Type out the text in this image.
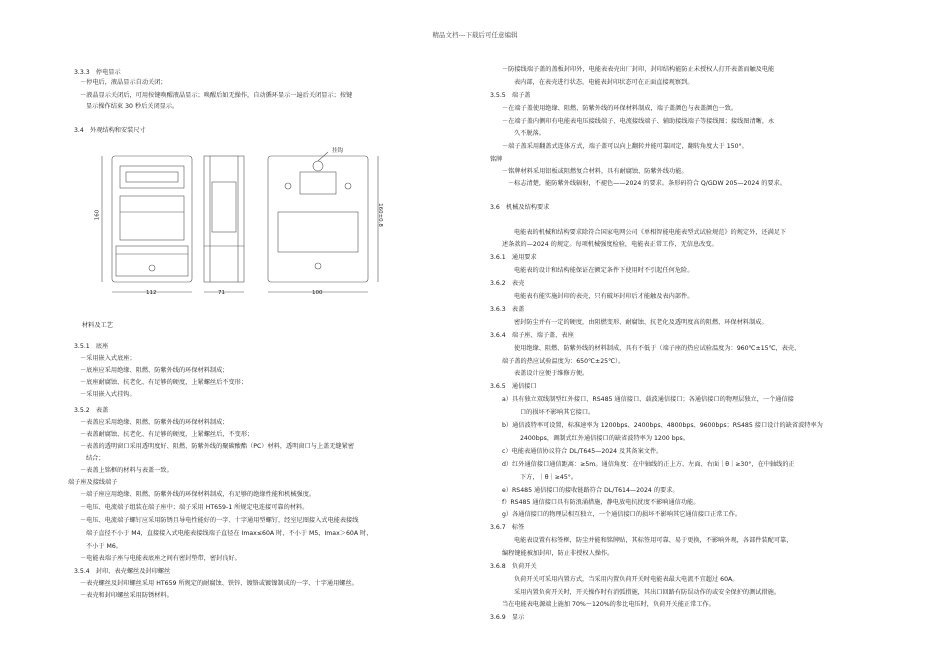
精品文档---下载后可任意编辑
3.3.3　停电显示
－停电后，液晶显示自动关闭；
－液晶显示关闭后，可用按键唤醒液晶显示；唤醒后如无操作，自动循环显示一遍后关闭显示；按键
显示操作结束 30 秒后关闭显示。
3.4　外观结构和安装尺寸
材料及工艺
3.5.1　底座
－采用嵌入式底座；
－底座应采用绝缘、阻燃、防紫外线的环保材料制成；
－底座耐腐蚀、抗老化、有足够的硬度，上紧螺丝后不变形；
－采用嵌入式挂钩。
3.5.2　表盖
－表盖应采用绝缘、阻燃、防紫外线的环保材料制成；
－表盖耐腐蚀、抗老化、有足够的硬度，上紧螺丝后，不变形；
－表盖的透明窗口采用透明度好、阻燃、防紫外线的聚碳酸酯（PC）材料，透明窗口与上盖无缝紧密
结合；
－表盖上铭框的材料与表盖一致。
端子座及接线端子
－端子座应用绝缘、阻燃、防紫外线的环保材料制成，有足够的绝缘性能和机械强度。
－电压、电流端子组装在端子座中；端子采用 HT659-1 所规定电连接可靠的材料。
－电压、电流端子螺钉应采用防锈且导电性能好的一字、十字通用型螺钉，经室尼图接入式电能表接线
端子直径不小于 M4，直接接入式电能表接线端子直径在 Imax≤60A 时，不小于 M5，Imax＞60A 时，
不小于 M6。
－电能表端子座与电能表底座之间有密封垫带，密封良好。
3.5.4　封印、表壳螺丝及封印螺丝
－表壳螺丝及封印螺丝采用 HT659 所规定的耐腐蚀、铁锌、镀铬或镀镍制成的一字、十字通用螺丝。
－表壳和封印螺丝采用防锈材料。
－防接线端子盖的盖板封印外，电能表表壳出厂封印，封印结构能防止未授权人打开表盖而触及电能
表内部，在表壳进行状态，电能表封印状态可在正面直接观察到。
3.5.5　端子盖
－在端子盖使用绝缘、阻燃、防紫外线的环保材料制成，端子盖颜色与表盖颜色一致。
－在端子盖内侧印有电能表电压接线端子、电流接线端子、辅助接线端子等接线图；接线图清晰，永
久不脱落。
－端子盖采用翻盖式连体方式，端子盖可以向上翻转并能可靠固定，翻转角度大于 150°。
铭牌
－铭牌材料采用铝板或阻燃复合材料，具有耐腐蚀、防紫外线功能。
－标志清楚，能防紫外线辐射，不褪色——2024 的要求。条形码符合 Q/GDW 205—2024 的要求。
3.6　机械及结构要求
电能表的机械和结构要求除符合国家电网公司《单相智能电能表型式试验规范》的规定外，还满足下
述条款的—2024 的规定。每项机械强度检验，电能表正常工作，无信息改变。
3.6.1　通用要求
电能表的设计和结构能保证在额定条件下使用时不引起任何危险。
3.6.2　表壳
电能表有能实施封印的表壳，只有破坏封印后才能触及表内部件。
3.6.3　表盖
密封防尘并有一定的硬度，由阻燃变形、耐腐蚀、抗老化及透明度高的阻燃、环保材料制成。
3.6.4　端子座、端子盖、表座
使用绝缘、阻燃、防紫外线的材料制成，具有不低于（端子座的热应试验温度为：960℃±15℃，表壳、
端子盖的热应试验温度为：650℃±25℃）。
表盖设计应便于维修方便。
3.6.5　通信接口
a）具有独立双线制型红外接口、RS485 通信接口、载波通信接口；各通信接口的物理层独立，一个通信接
口的损坏不影响其它接口。
b）通信波特率可设置，标准速率为 1200bps、2400bps、4800bps、9600bps；RS485 接口设计的缺省波特率为
2400bps，调制式红外通信接口的缺省波特率为 1200 bps。
c）电能表通信协议符合 DL/T645—2024 及其备案文件。
d）红外通信接口通信距离：≥5m。通信角度：在中轴线的正上方、左面、右面｜θ｜≥30°，在中轴线的正
下方，｜θ｜≥45°。
e）RS485 通信接口的接收链路符合 DL/T614—2024 的要求。
f）RS485 通信接口具有防浪涌措施，静电放电抗扰度不影响通信功能。
g）各通信接口的物理层相互独立，一个通信接口的损坏不影响其它通信接口正常工作。
3.6.7　标签
电能表设置有标签框，防尘并能和铭牌贴，其标签用可靠、易于更换，不影响外观，各部件装配可靠，
编程键能被加封印，防止非授权人操作。
3.6.8　负荷开关
负荷开关可采用内置方式，当采用内置负荷开关时电能表最大电流不宜超过 60A。
采用内置负荷开关时，开关操作时有消弧措施，其出口回路有防误动作的或安全保护的测试措施。
当在电能表电源端上施加 70%～120%的参比电压时，负荷开关能正常工作。
3.6.9　显示
挂钩
160
112	71	100
160±0.8
